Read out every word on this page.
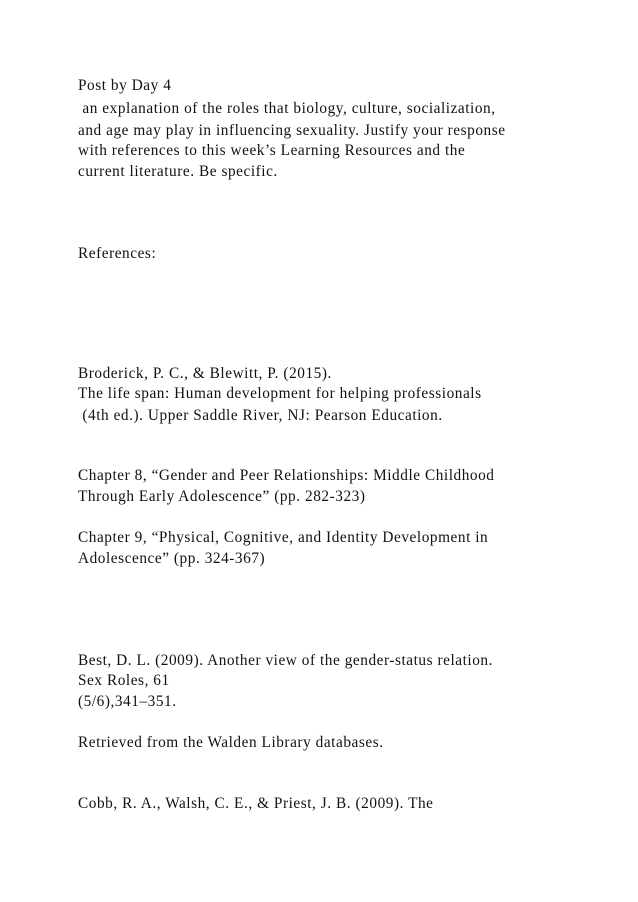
Post by Day 4
an explanation of the roles that biology, culture, socialization,
and age may play in influencing sexuality. Justify your response
with references to this week’s Learning Resources and the
current literature. Be specific.
References:
Broderick, P. C., & Blewitt, P. (2015).
The life span: Human development for helping professionals
(4th ed.). Upper Saddle River, NJ: Pearson Education.
Chapter 8, “Gender and Peer Relationships: Middle Childhood
Through Early Adolescence” (pp. 282-323)
Chapter 9, “Physical, Cognitive, and Identity Development in
Adolescence” (pp. 324-367)
Best, D. L. (2009). Another view of the gender-status relation.
Sex Roles, 61
(5/6),341–351.
Retrieved from the Walden Library databases.
Cobb, R. A., Walsh, C. E., & Priest, J. B. (2009). The
